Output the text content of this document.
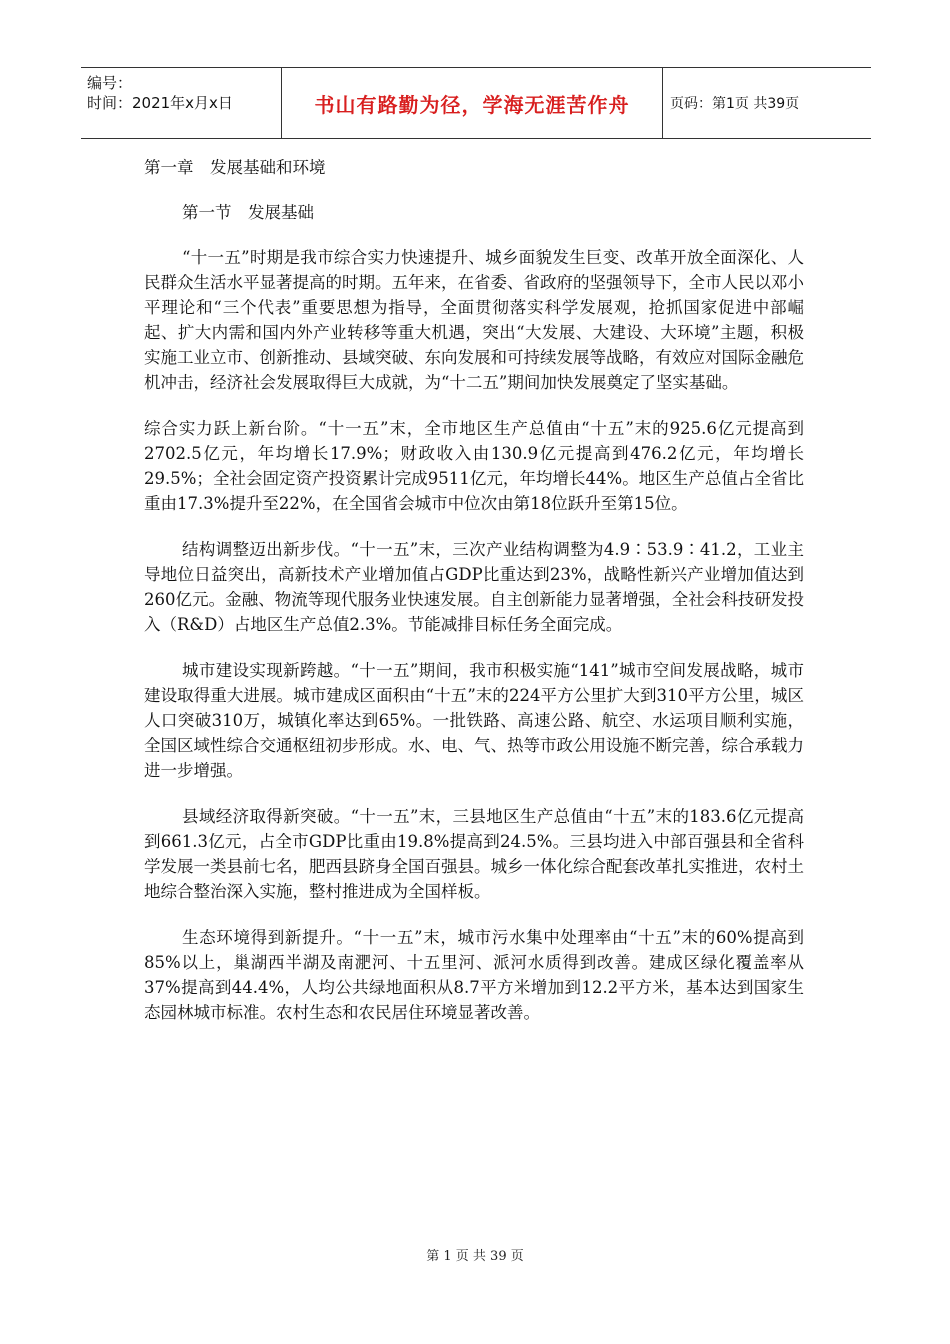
编号：
时间：2021年x月x日	书山有路勤为径，学海无涯苦作舟	页码：第1页 共39页
第一章　发展基础和环境
第一节　发展基础

“十一五”时期是我市综合实力快速提升、城乡面貌发生巨变、改革开放全面深化、人民群众生活水平显著提高的时期。五年来，在省委、省政府的坚强领导下，全市人民以邓小平理论和“三个代表”重要思想为指导，全面贯彻落实科学发展观，抢抓国家促进中部崛起、扩大内需和国内外产业转移等重大机遇，突出“大发展、大建设、大环境”主题，积极实施工业立市、创新推动、县域突破、东向发展和可持续发展等战略，有效应对国际金融危机冲击，经济社会发展取得巨大成就，为“十二五”期间加快发展奠定了坚实基础。

综合实力跃上新台阶。“十一五”末，全市地区生产总值由“十五”末的925.6亿元提高到2702.5亿元，年均增长17.9%；财政收入由130.9亿元提高到476.2亿元，年均增长29.5%；全社会固定资产投资累计完成9511亿元，年均增长44%。地区生产总值占全省比重由17.3%提升至22%，在全国省会城市中位次由第18位跃升至第15位。

结构调整迈出新步伐。“十一五”末，三次产业结构调整为4.9∶53.9∶41.2，工业主导地位日益突出，高新技术产业增加值占GDP比重达到23%，战略性新兴产业增加值达到260亿元。金融、物流等现代服务业快速发展。自主创新能力显著增强，全社会科技研发投入（R&D）占地区生产总值2.3%。节能减排目标任务全面完成。

城市建设实现新跨越。“十一五”期间，我市积极实施“141”城市空间发展战略，城市建设取得重大进展。城市建成区面积由“十五”末的224平方公里扩大到310平方公里，城区人口突破310万，城镇化率达到65%。一批铁路、高速公路、航空、水运项目顺利实施，全国区域性综合交通枢纽初步形成。水、电、气、热等市政公用设施不断完善，综合承载力进一步增强。

县域经济取得新突破。“十一五”末，三县地区生产总值由“十五”末的183.6亿元提高到661.3亿元，占全市GDP比重由19.8%提高到24.5%。三县均进入中部百强县和全省科学发展一类县前七名，肥西县跻身全国百强县。城乡一体化综合配套改革扎实推进，农村土地综合整治深入实施，整村推进成为全国样板。

生态环境得到新提升。“十一五”末，城市污水集中处理率由“十五”末的60%提高到85%以上，巢湖西半湖及南淝河、十五里河、派河水质得到改善。建成区绿化覆盖率从37%提高到44.4%，人均公共绿地面积从8.7平方米增加到12.2平方米，基本达到国家生态园林城市标准。农村生态和农民居住环境显著改善。

第 1 页 共 39 页
